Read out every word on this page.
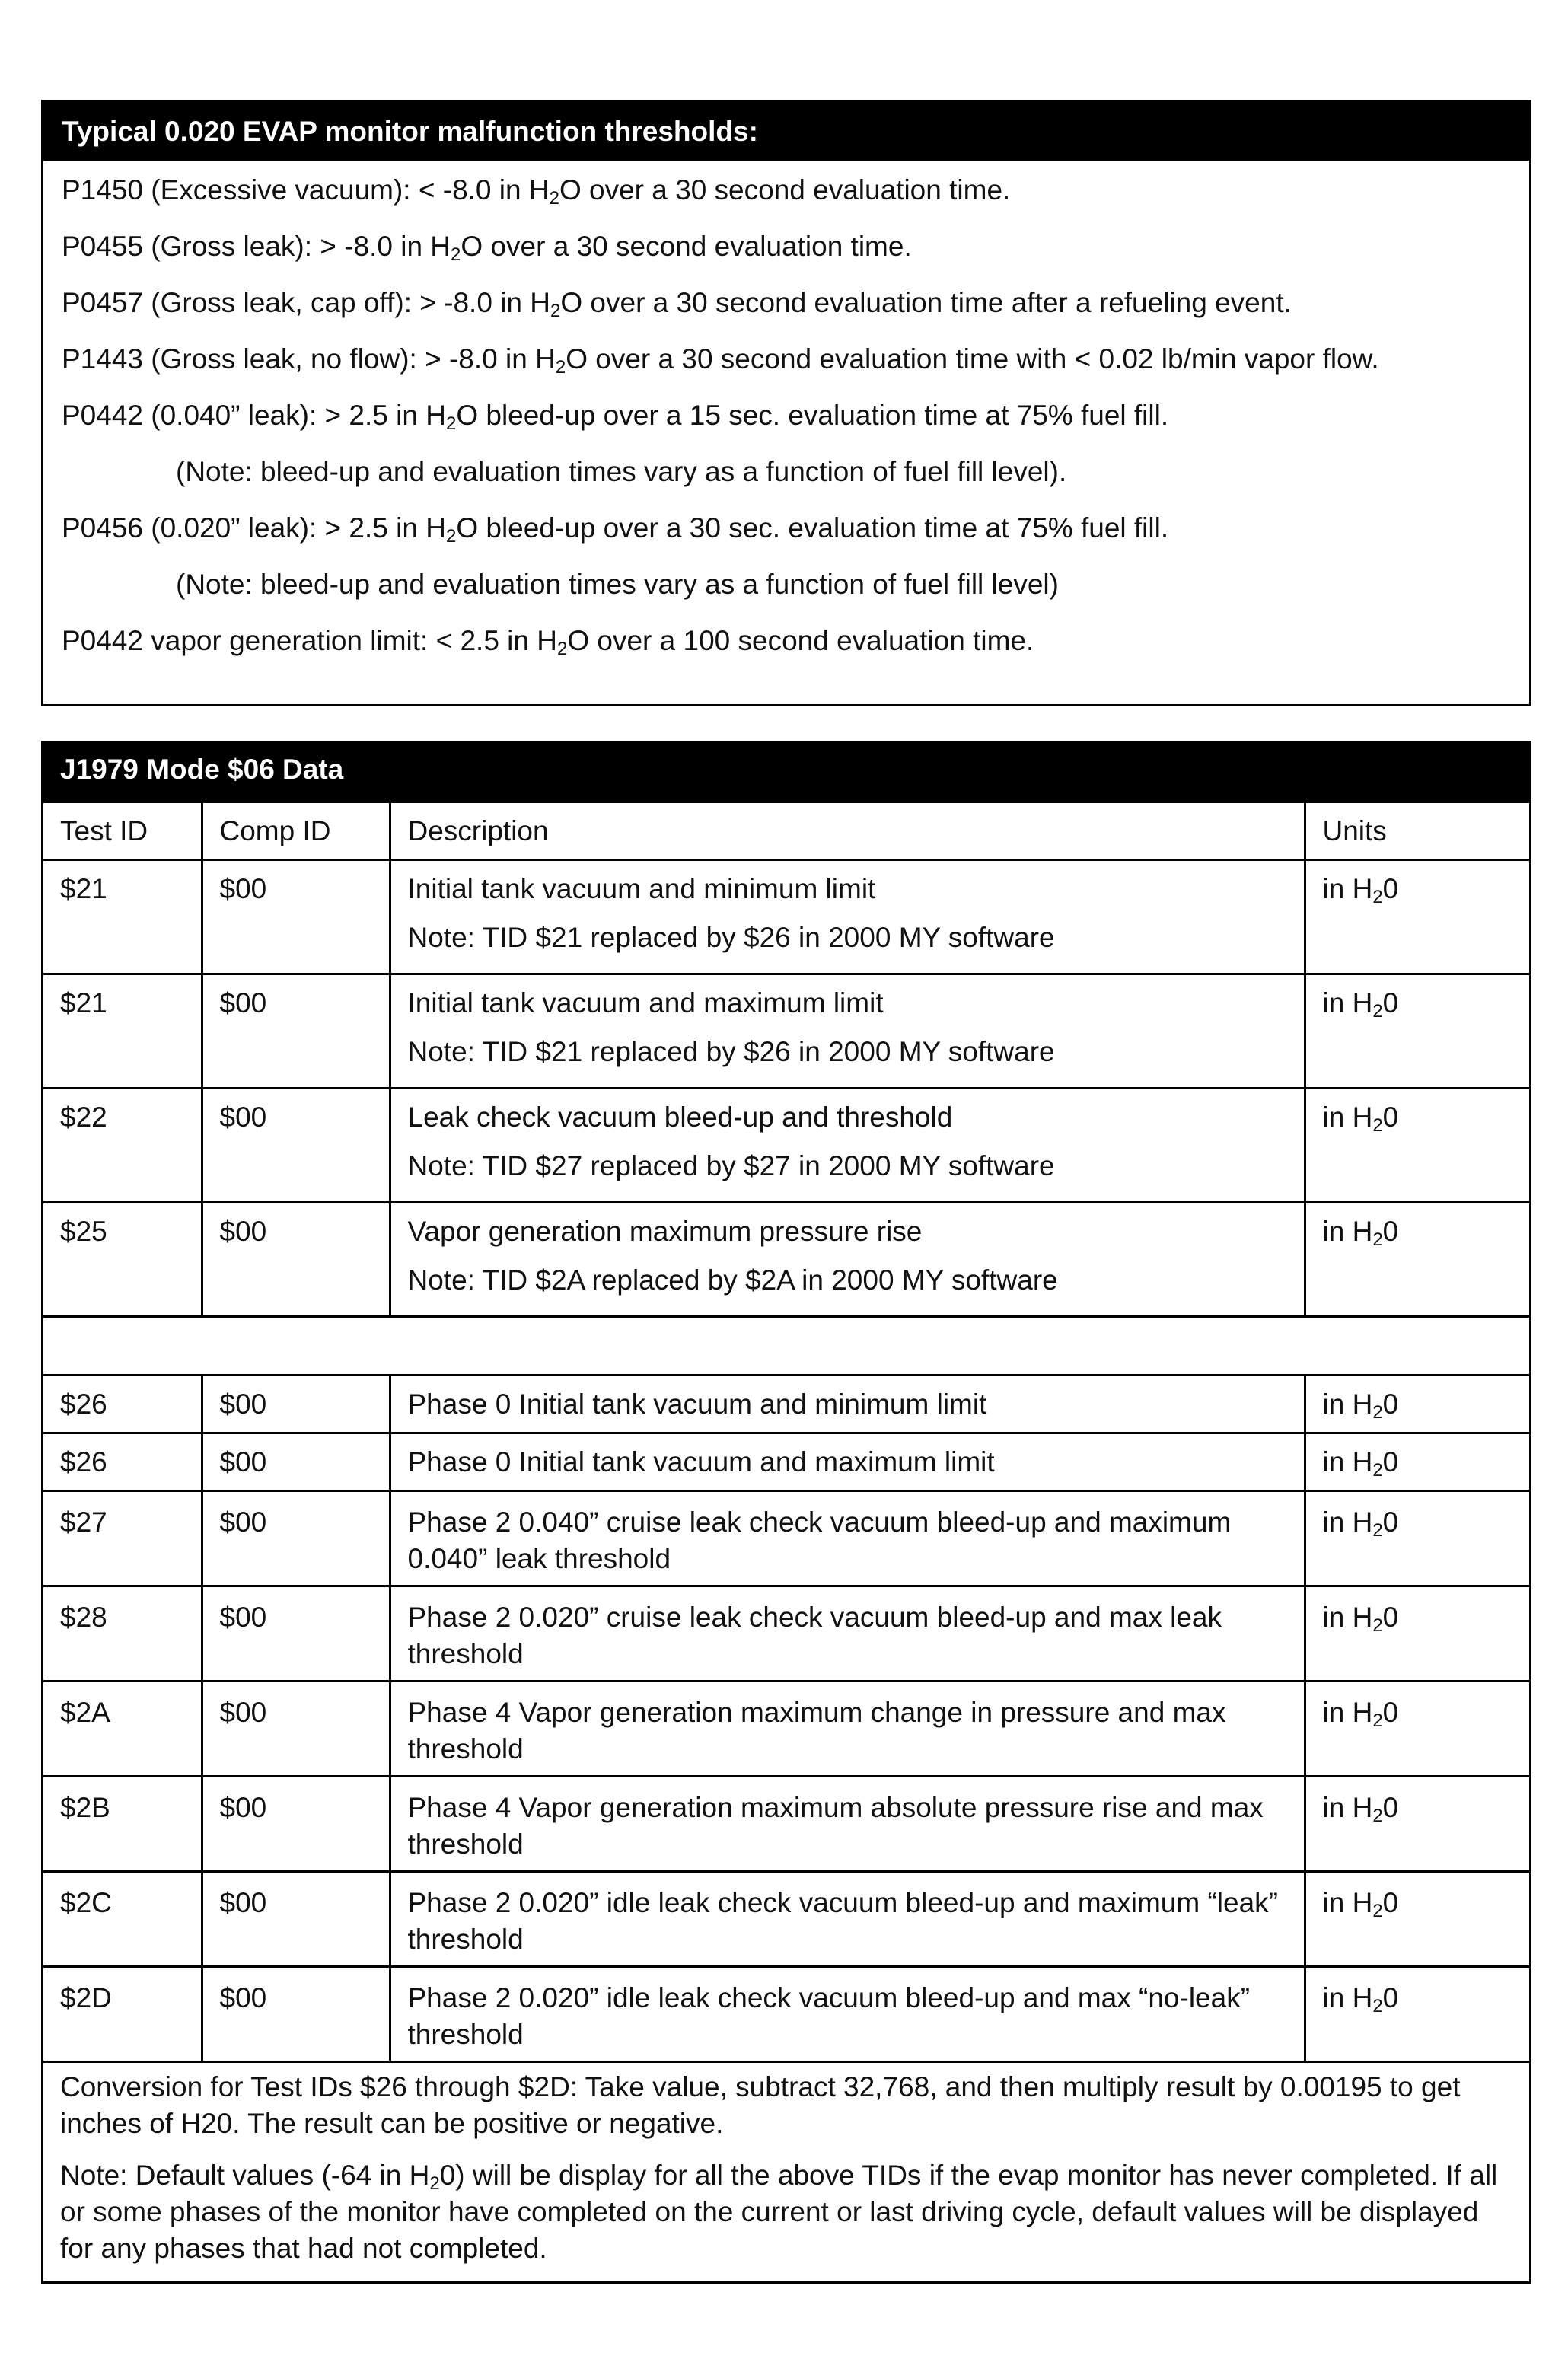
Typical 0.020 EVAP monitor malfunction thresholds:
P1450 (Excessive vacuum): < -8.0 in $H_2O$ over a 30 second evaluation time.
P0455 (Gross leak): > -8.0 in $H_2O$ over a 30 second evaluation time.
P0457 (Gross leak, cap off): > -8.0 in $H_2O$ over a 30 second evaluation time after a refueling event.
P1443 (Gross leak, no flow): > -8.0 in $H_2O$ over a 30 second evaluation time with < 0.02 lb/min vapor flow.
P0442 (0.040” leak): > 2.5 in $H_2O$ bleed-up over a 15 sec. evaluation time at 75% fuel fill.
(Note: bleed-up and evaluation times vary as a function of fuel fill level).
P0456 (0.020” leak): > 2.5 in $H_2O$ bleed-up over a 30 sec. evaluation time at 75% fuel fill.
(Note: bleed-up and evaluation times vary as a function of fuel fill level)
P0442 vapor generation limit: < 2.5 in $H_2O$ over a 100 second evaluation time.
J1979 Mode $06 Data			
Test ID	Comp ID	Description	Units
$21	$00	Initial tank vacuum and minimum limit
Note: TID $21 replaced by $26 in 2000 MY software	in $H_20$
$21	$00	Initial tank vacuum and maximum limit
Note: TID $21 replaced by $26 in 2000 MY software	in $H_20$
$22	$00	Leak check vacuum bleed-up and threshold
Note: TID $27 replaced by $27 in 2000 MY software	in $H_20$
$25	$00	Vapor generation maximum pressure rise
Note: TID $2A replaced by $2A in 2000 MY software	in $H_20$

$26	$00	Phase 0 Initial tank vacuum and minimum limit	in $H_20$
$26	$00	Phase 0 Initial tank vacuum and maximum limit	in $H_20$
$27	$00	Phase 2 0.040” cruise leak check vacuum bleed-up and maximum 0.040” leak threshold	in $H_20$
$28	$00	Phase 2 0.020” cruise leak check vacuum bleed-up and max leak threshold	in $H_20$
$2A	$00	Phase 4 Vapor generation maximum change in pressure and max threshold	in $H_20$
$2B	$00	Phase 4 Vapor generation maximum absolute pressure rise and max threshold	in $H_20$
$2C	$00	Phase 2 0.020” idle leak check vacuum bleed-up and maximum “leak” threshold	in $H_20$
$2D	$00	Phase 2 0.020” idle leak check vacuum bleed-up and max “no-leak” threshold	in $H_20$

Conversion for Test IDs $26 through $2D: Take value, subtract 32,768, and then multiply result by 0.00195 to get inches of H20. The result can be positive or negative.

Note: Default values (-64 in $H_20$) will be display for all the above TIDs if the evap monitor has never completed. If all or some phases of the monitor have completed on the current or last driving cycle, default values will be displayed for any phases that had not completed.			
